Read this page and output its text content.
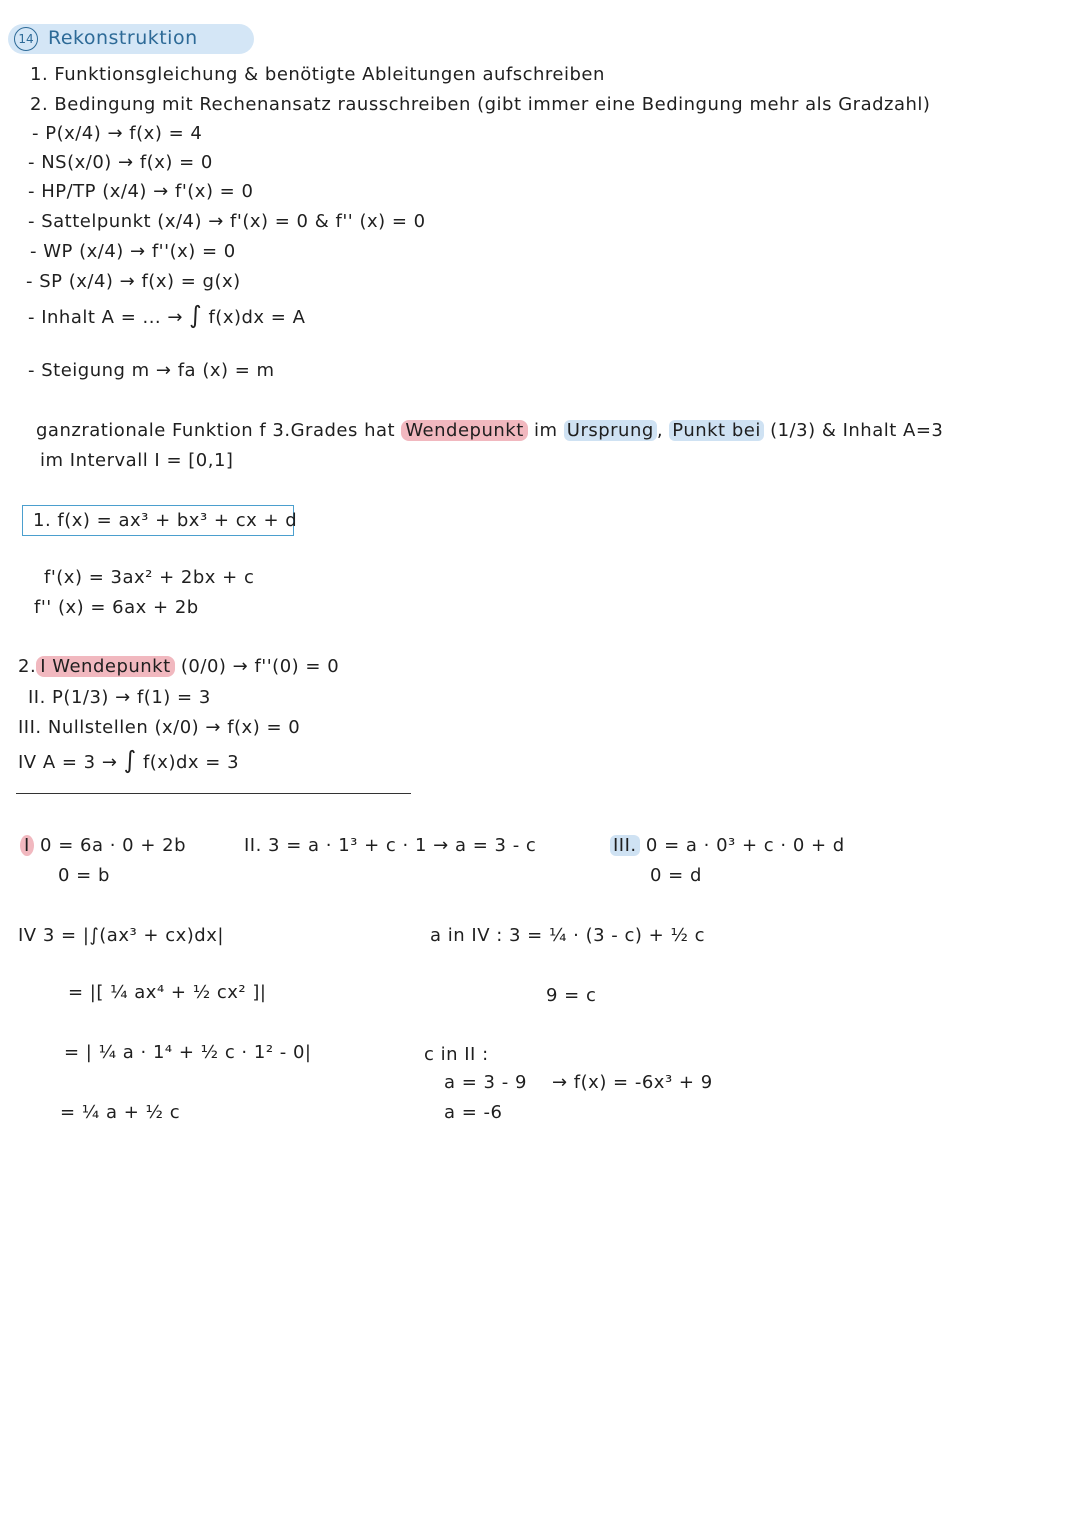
14 Rekonstruktion
1. Funktionsgleichung & benötigte Ableitungen aufschreiben
2. Bedingung mit Rechenansatz rausschreiben (gibt immer eine Bedingung mehr als Gradzahl)
- P(x/4) → f(x) = 4
- NS(x/0) → f(x) = 0
- HP/TP (x/4) → f'(x) = 0
- Sattelpunkt (x/4) → f'(x) = 0 & f'' (x) = 0
- WP (x/4) → f''(x) = 0
- SP (x/4) → f(x) = g(x)
- Inhalt A = ... → ∫ f(x)dx = A
- Steigung m → fa (x) = m
ganzrationale Funktion f 3.Grades hat Wendepunkt im Ursprung , Punkt bei (1/3) & Inhalt A=3
im Intervall I = [0,1]
1. f(x) = ax³ + bx³ + cx + d
f'(x) = 3ax² + 2bx + c
f'' (x) = 6ax + 2b
2. I Wendepunkt (0/0) → f''(0) = 0
II. P(1/3) → f(1) = 3
III. Nullstellen (x/0) → f(x) = 0
IV A = 3 → ∫ f(x)dx = 3
I 0 = 6a · 0 + 2b
0 = b
II. 3 = a · 1³ + c · 1 → a = 3 - c	III. 0 = a · 0³ + c · 0 + d
0 = d
IV 3 = |∫(ax³ + cx)dx|
= |[ ¼ ax⁴ + ½ cx² ]|
= | ¼ a · 1⁴ + ½ c · 1² - 0|
= ¼ a + ½ c
a in IV : 3 = ¼ · (3 - c) + ½ c
9 = c
c in II :
a = 3 - 9 → f(x) = -6x³ + 9
a = -6
